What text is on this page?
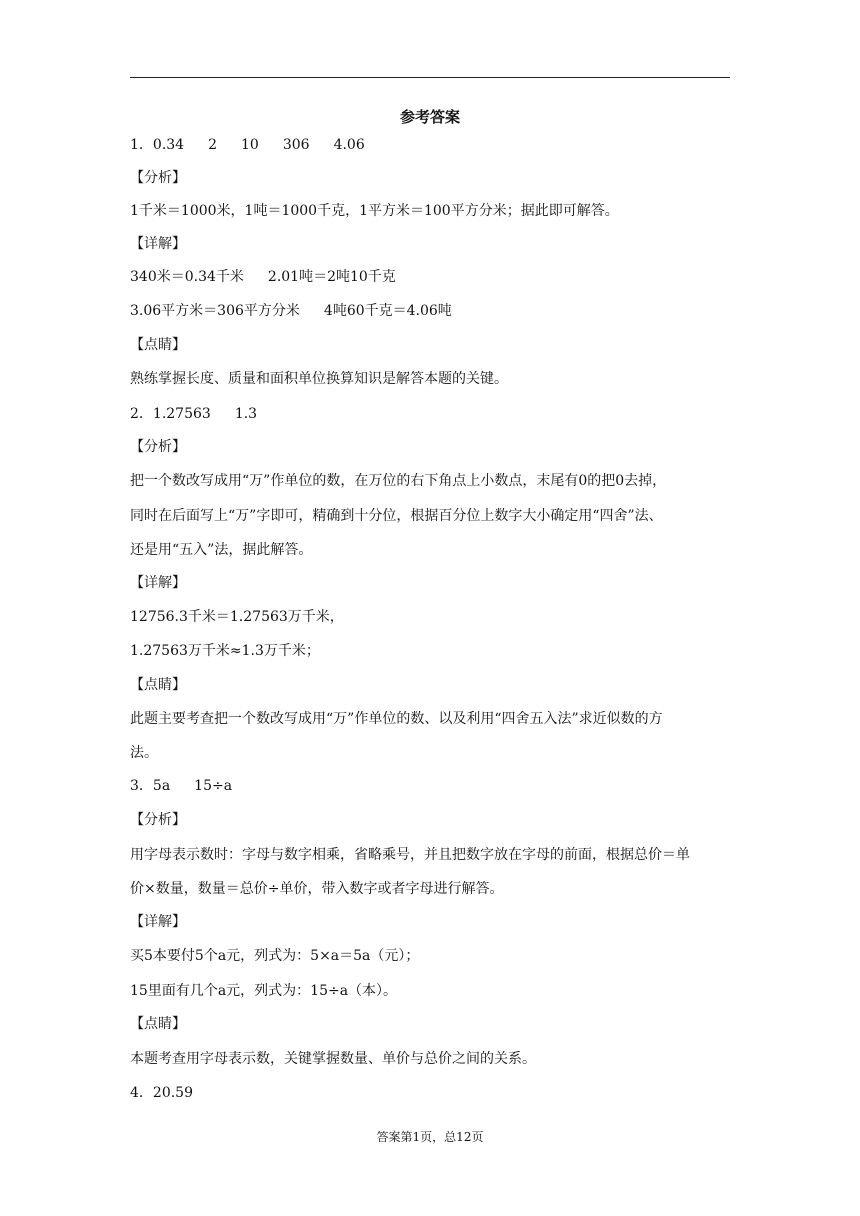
参考答案
1．0.34 2 10 306 4.06
【分析】
1千米＝1000米，1吨＝1000千克，1平方米＝100平方分米；据此即可解答。
【详解】
340米＝0.34千米 2.01吨＝2吨10千克
3.06平方米＝306平方分米 4吨60千克＝4.06吨
【点睛】
熟练掌握长度、质量和面积单位换算知识是解答本题的关键。
2．1.27563 1.3
【分析】
把一个数改写成用“万”作单位的数，在万位的右下角点上小数点，末尾有0的把0去掉，
同时在后面写上“万”字即可，精确到十分位，根据百分位上数字大小确定用“四舍”法、
还是用“五入”法，据此解答。
【详解】
12756.3千米＝1.27563万千米，
1.27563万千米≈1.3万千米；
【点睛】
此题主要考查把一个数改写成用“万”作单位的数、以及利用“四舍五入法”求近似数的方
法。
3．5a 15÷a
【分析】
用字母表示数时：字母与数字相乘，省略乘号，并且把数字放在字母的前面，根据总价＝单
价×数量，数量＝总价÷单价，带入数字或者字母进行解答。
【详解】
买5本要付5个a元，列式为：5×a＝5a（元）；
15里面有几个a元，列式为：15÷a（本）。
【点睛】
本题考查用字母表示数，关键掌握数量、单价与总价之间的关系。
4．20.59
答案第1页，总12页
